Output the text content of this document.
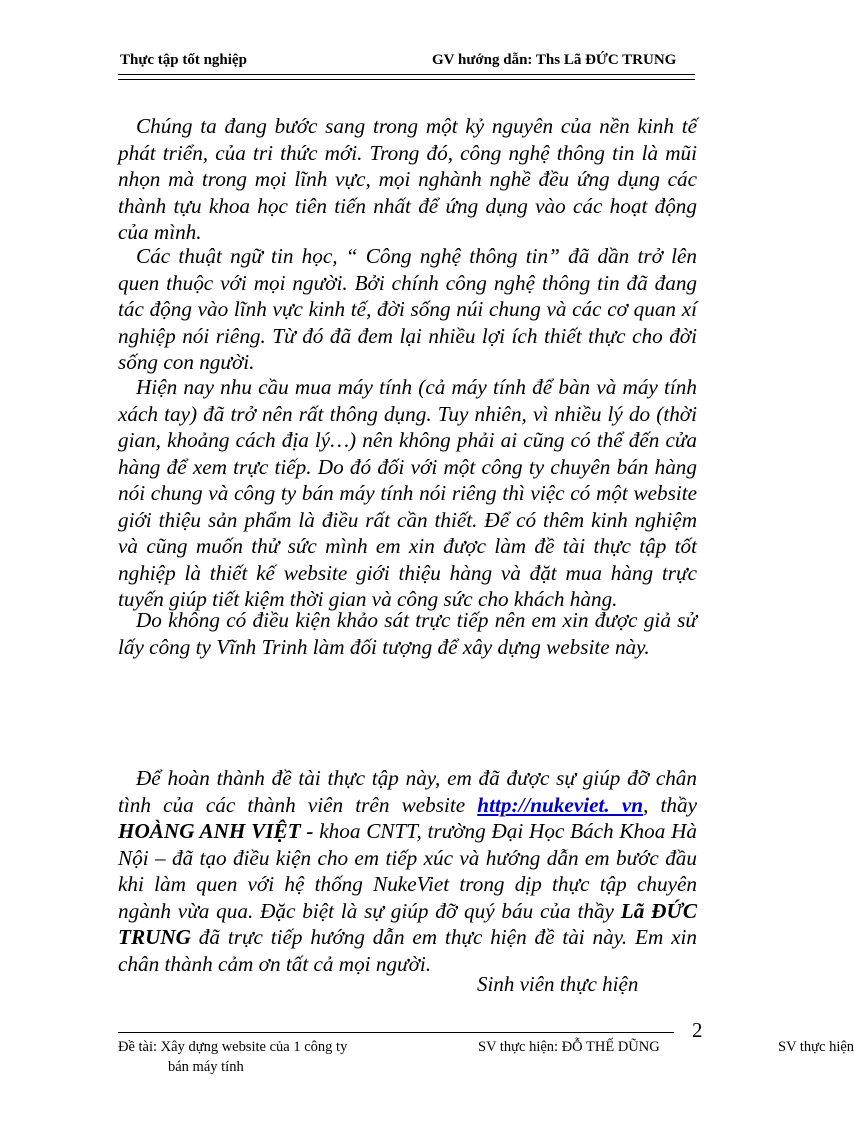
Thực tập tốt nghiệp	GV hướng dẫn: Ths Lã ĐỨC TRUNG

Chúng ta đang bước sang trong một kỷ nguyên của nền kinh tế phát triển, của tri thức mới. Trong đó, công nghệ thông tin là mũi nhọn mà trong mọi lĩnh vực, mọi nghành nghề đều ứng dụng các thành tựu khoa học tiên tiến nhất để ứng dụng vào các hoạt động của mình.

Các thuật ngữ tin học, “ Công nghệ thông tin” đã dần trở lên quen thuộc với mọi người. Bởi chính công nghệ thông tin đã đang tác động vào lĩnh vực kinh tế, đời sống núi chung và các cơ quan xí nghiệp nói riêng. Từ đó đã đem lại nhiều lợi ích thiết thực cho đời sống con người.

Hiện nay nhu cầu mua máy tính (cả máy tính để bàn và máy tính xách tay) đã trở nên rất thông dụng. Tuy nhiên, vì nhiều lý do (thời gian, khoảng cách địa lý…) nên không phải ai cũng có thể đến cửa hàng để xem trực tiếp. Do đó đối với một công ty chuyên bán hàng nói chung và công ty bán máy tính nói riêng thì việc có một website giới thiệu sản phẩm là điều rất cần thiết. Để có thêm kinh nghiệm và cũng muốn thử sức mình em xin được làm đề tài thực tập tốt nghiệp là thiết kế website giới thiệu hàng và đặt mua hàng trực tuyến giúp tiết kiệm thời gian và công sức cho khách hàng.

Do không có điều kiện khảo sát trực tiếp nên em xin được giả sử lấy công ty Vĩnh Trinh làm đối tượng để xây dựng website này.

Để hoàn thành đề tài thực tập này, em đã được sự giúp đỡ chân tình của các thành viên trên website http://nukeviet. vn, thầy HOÀNG ANH VIỆT - khoa CNTT, trường Đại Học Bách Khoa Hà Nội – đã tạo điều kiện cho em tiếp xúc và hướng dẫn em bước đầu khi làm quen với hệ thống NukeViet trong dịp thực tập chuyên ngành vừa qua. Đặc biệt là sự giúp đỡ quý báu của thầy Lã ĐỨC TRUNG đã trực tiếp hướng dẫn em thực hiện đề tài này. Em xin chân thành cảm ơn tất cả mọi người.

Sinh viên thực hiện
2
Đề tài: Xây dựng website của 1 công ty
bán máy tính
SV thực hiện: ĐỖ THẾ DŨNG	SV thực hiện
